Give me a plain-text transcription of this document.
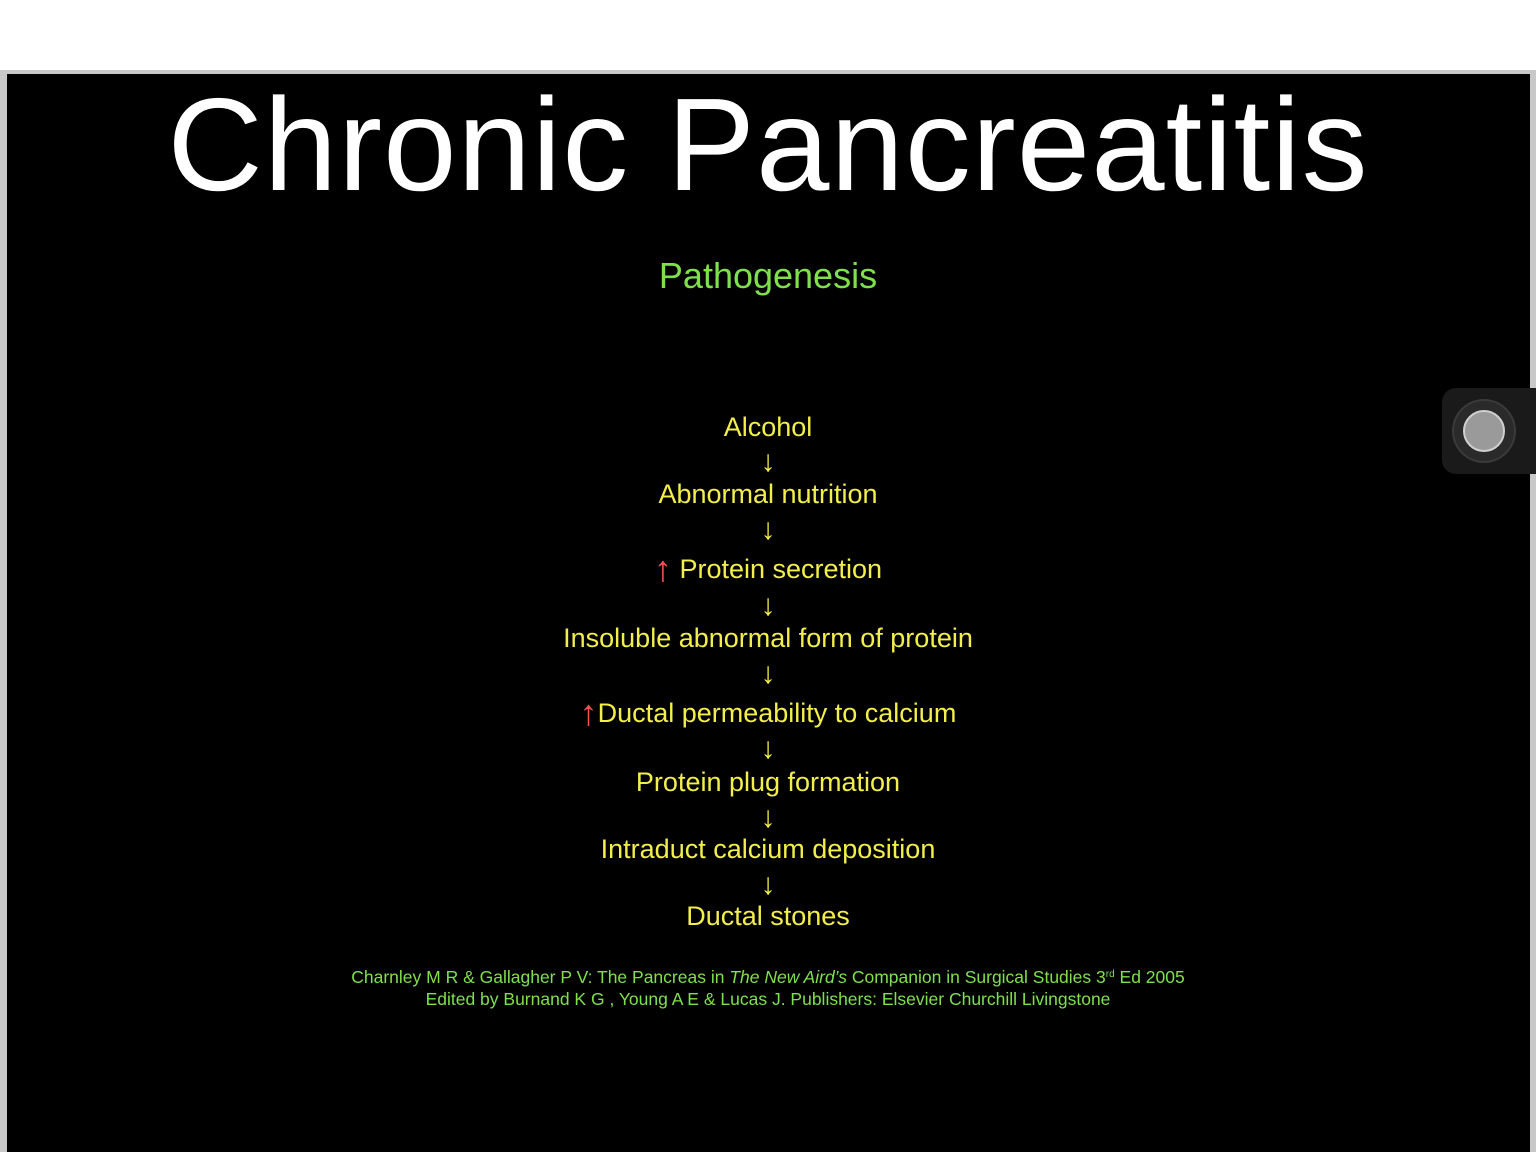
Chronic Pancreatitis
Pathogenesis
Alcohol
↓
Abnormal nutrition
↓
↑ Protein secretion
↓
Insoluble abnormal form of protein
↓
↑Ductal permeability to calcium
↓
Protein plug formation
↓
Intraduct calcium deposition
↓
Ductal stones
Charnley M R & Gallagher P V: The Pancreas in The New Aird’s Companion in Surgical Studies 3rd Ed 2005
Edited by Burnand K G , Young A E & Lucas J. Publishers: Elsevier Churchill Livingstone
